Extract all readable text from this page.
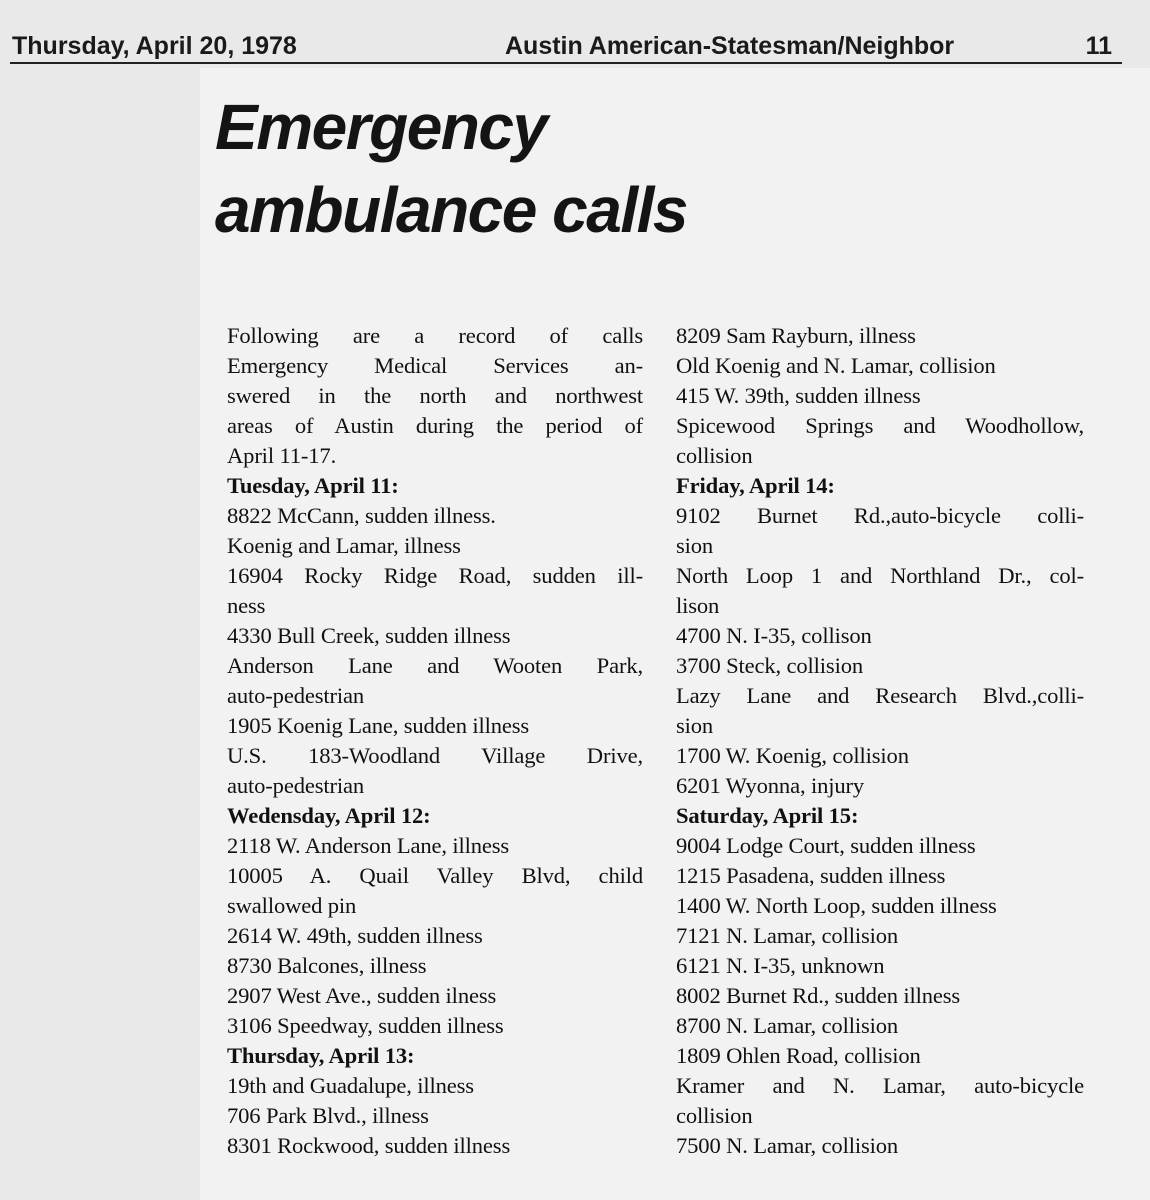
Thursday, April 20, 1978	Austin American-Statesman/Neighbor	11
Emergency
ambulance calls

Following are a record of calls
Emergency Medical Services an-
swered in the north and northwest
areas of Austin during the period of
April 11-17.

Tuesday, April 11:
8822 McCann, sudden illness.
Koenig and Lamar, illness
16904 Rocky Ridge Road, sudden ill-
ness
4330 Bull Creek, sudden illness
Anderson Lane and Wooten Park,
auto-pedestrian
1905 Koenig Lane, sudden illness
U.S. 183-Woodland Village Drive,
auto-pedestrian
Wedensday, April 12:
2118 W. Anderson Lane, illness
10005 A. Quail Valley Blvd, child
swallowed pin
2614 W. 49th, sudden illness
8730 Balcones, illness
2907 West Ave., sudden ilness
3106 Speedway, sudden illness
Thursday, April 13:
19th and Guadalupe, illness
706 Park Blvd., illness
8301 Rockwood, sudden illness
8209 Sam Rayburn, illness
Old Koenig and N. Lamar, collision
415 W. 39th, sudden illness
Spicewood Springs and Woodhollow,
collision
Friday, April 14:
9102 Burnet Rd.,auto-bicycle colli-
sion
North Loop 1 and Northland Dr., col-
lison
4700 N. I-35, collison
3700 Steck, collision
Lazy Lane and Research Blvd.,colli-
sion
1700 W. Koenig, collision
6201 Wyonna, injury
Saturday, April 15:
9004 Lodge Court, sudden illness
1215 Pasadena, sudden illness
1400 W. North Loop, sudden illness
7121 N. Lamar, collision
6121 N. I-35, unknown
8002 Burnet Rd., sudden illness
8700 N. Lamar, collision
1809 Ohlen Road, collision
Kramer and N. Lamar, auto-bicycle
collision
7500 N. Lamar, collision
